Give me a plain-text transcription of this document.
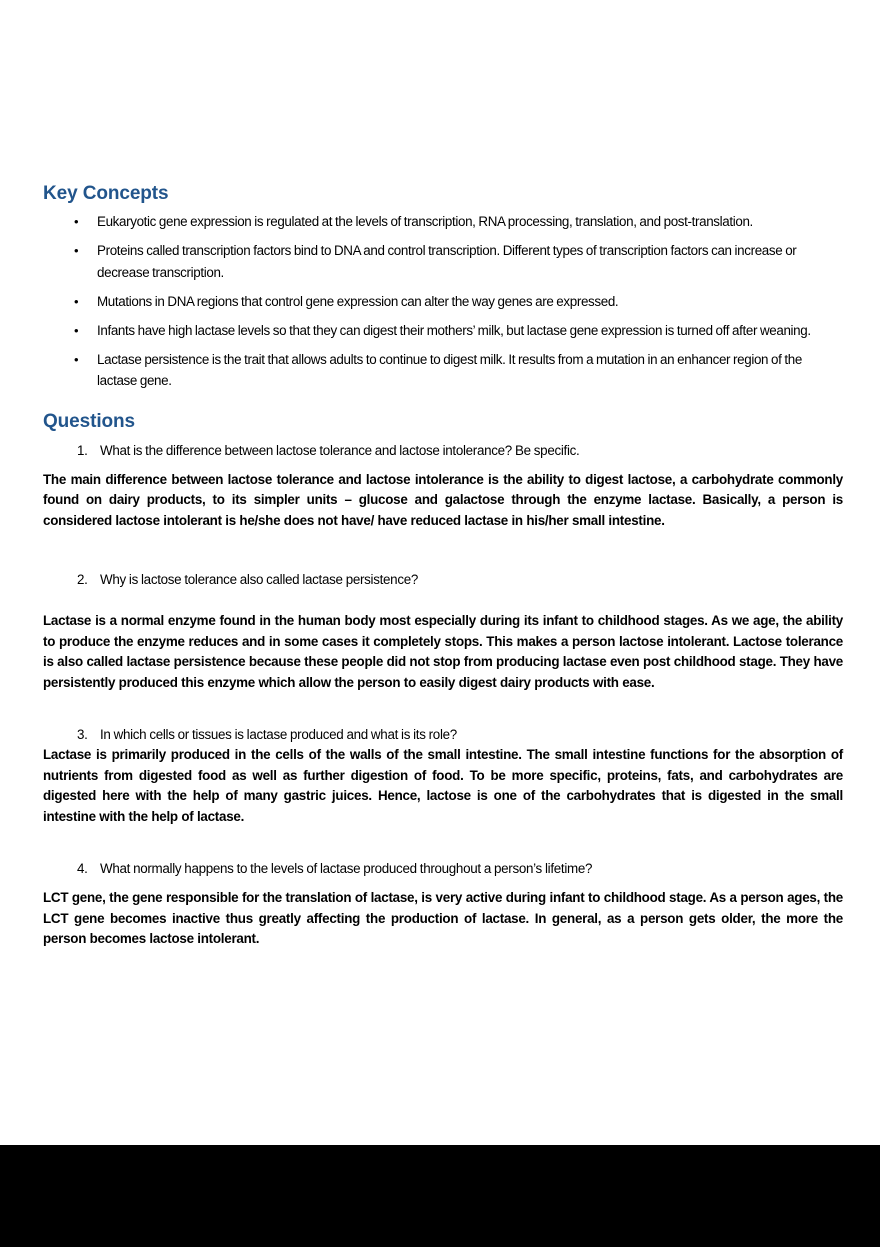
Key Concepts
• Eukaryotic gene expression is regulated at the levels of transcription, RNA processing, translation, and post-translation.
• Proteins called transcription factors bind to DNA and control transcription. Different types of transcription factors can increase or decrease transcription.
• Mutations in DNA regions that control gene expression can alter the way genes are expressed.
• Infants have high lactase levels so that they can digest their mothers’ milk, but lactase gene expression is turned off after weaning.
• Lactase persistence is the trait that allows adults to continue to digest milk. It results from a mutation in an enhancer region of the lactase gene.
Questions

1. What is the difference between lactose tolerance and lactose intolerance? Be specific.

The main difference between lactose tolerance and lactose intolerance is the ability to digest lactose, a carbohydrate commonly found on dairy products, to its simpler units – glucose and galactose through the enzyme lactase. Basically, a person is considered lactose intolerant is he/she does not have/ have reduced lactase in his/her small intestine.

2. Why is lactose tolerance also called lactase persistence?

Lactase is a normal enzyme found in the human body most especially during its infant to childhood stages. As we age, the ability to produce the enzyme reduces and in some cases it completely stops. This makes a person lactose intolerant. Lactose tolerance is also called lactase persistence because these people did not stop from producing lactase even post childhood stage. They have persistently produced this enzyme which allow the person to easily digest dairy products with ease.

3. In which cells or tissues is lactase produced and what is its role?

Lactase is primarily produced in the cells of the walls of the small intestine. The small intestine functions for the absorption of nutrients from digested food as well as further digestion of food. To be more specific, proteins, fats, and carbohydrates are digested here with the help of many gastric juices. Hence, lactose is one of the carbohydrates that is digested in the small intestine with the help of lactase.

4. What normally happens to the levels of lactase produced throughout a person’s lifetime?

LCT gene, the gene responsible for the translation of lactase, is very active during infant to childhood stage. As a person ages, the LCT gene becomes inactive thus greatly affecting the production of lactase. In general, as a person gets older, the more the person becomes lactose intolerant.
